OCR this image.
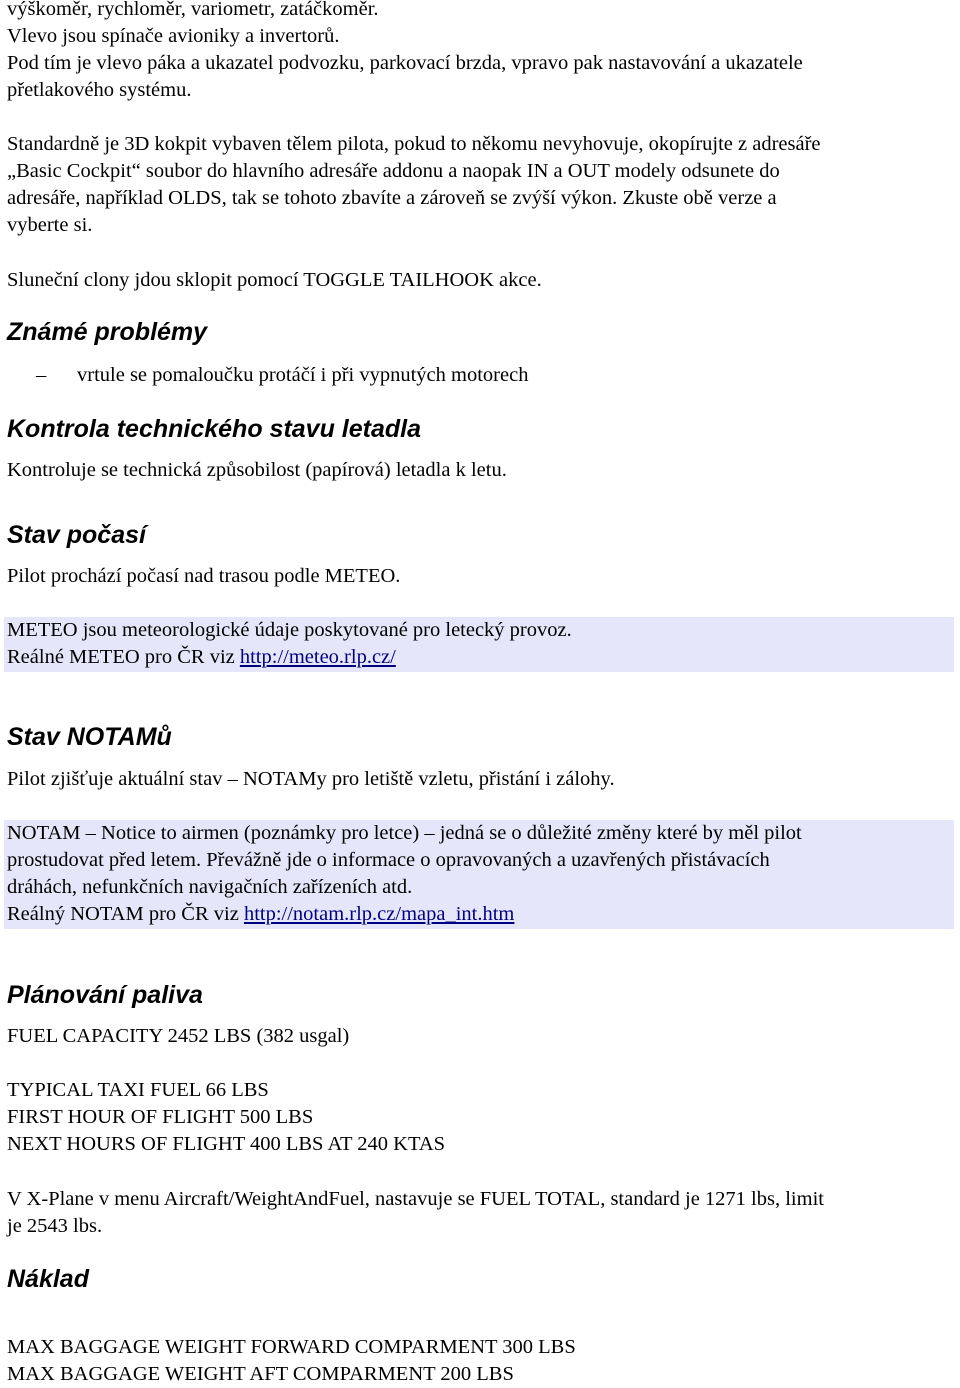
výškoměr, rychloměr, variometr, zatáčkoměr.
Vlevo jsou spínače avioniky a invertorů.
Pod tím je vlevo páka a ukazatel podvozku, parkovací brzda, vpravo pak nastavování a ukazatele
přetlakového systému.
Standardně je 3D kokpit vybaven tělem pilota, pokud to někomu nevyhovuje, okopírujte z adresáře
„Basic Cockpit“ soubor do hlavního adresáře addonu a naopak IN a OUT modely odsunete do
adresáře, například OLDS, tak se tohoto zbavíte a zároveň se zvýší výkon. Zkuste obě verze a
vyberte si.
Sluneční clony jdou sklopit pomocí TOGGLE TAILHOOK akce.
Známé problémy
– vrtule se pomaloučku protáčí i při vypnutých motorech
Kontrola technického stavu letadla
Kontroluje se technická způsobilost (papírová) letadla k letu.
Stav počasí
Pilot prochází počasí nad trasou podle METEO.
METEO jsou meteorologické údaje poskytované pro letecký provoz.
Reálné METEO pro ČR viz http://meteo.rlp.cz/
Stav NOTAMů
Pilot zjišťuje aktuální stav – NOTAMy pro letiště vzletu, přistání i zálohy.
NOTAM – Notice to airmen (poznámky pro letce) – jedná se o důležité změny které by měl pilot
prostudovat před letem. Převážně jde o informace o opravovaných a uzavřených přistávacích
dráhách, nefunkčních navigačních zařízeních atd.
Reálný NOTAM pro ČR viz http://notam.rlp.cz/mapa_int.htm
Plánování paliva
FUEL CAPACITY 2452 LBS (382 usgal)
TYPICAL TAXI FUEL 66 LBS
FIRST HOUR OF FLIGHT 500 LBS
NEXT HOURS OF FLIGHT 400 LBS AT 240 KTAS
V X-Plane v menu Aircraft/WeightAndFuel, nastavuje se FUEL TOTAL, standard je 1271 lbs, limit
je 2543 lbs.
Náklad
MAX BAGGAGE WEIGHT FORWARD COMPARMENT 300 LBS
MAX BAGGAGE WEIGHT AFT COMPARMENT 200 LBS
